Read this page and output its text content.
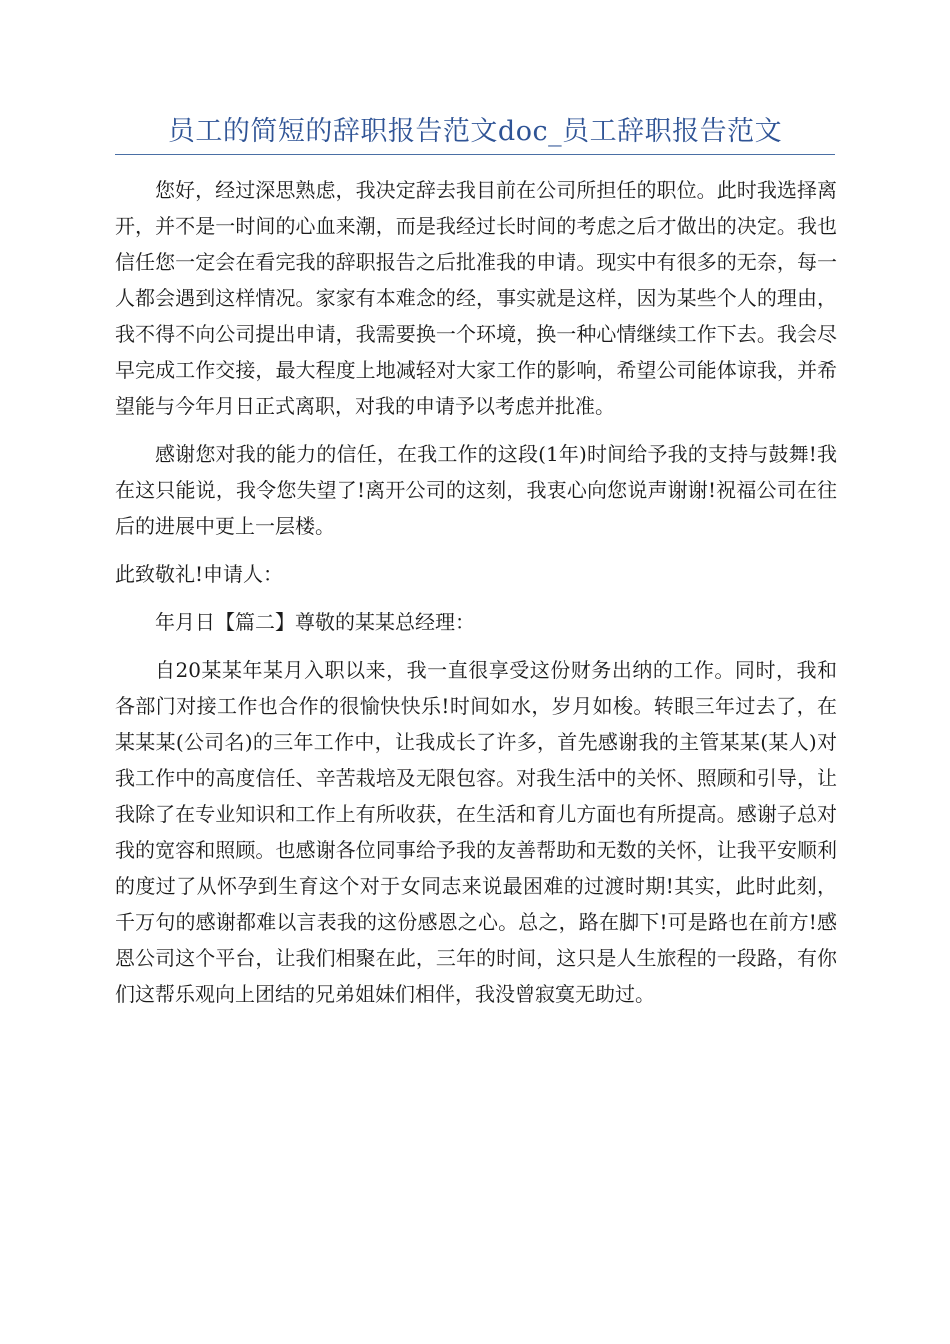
员工的简短的辞职报告范文doc_员工辞职报告范文

您好，经过深思熟虑，我决定辞去我目前在公司所担任的职位。此时我选择离开，并不是一时间的心血来潮，而是我经过长时间的考虑之后才做出的决定。我也信任您一定会在看完我的辞职报告之后批准我的申请。现实中有很多的无奈，每一人都会遇到这样情况。家家有本难念的经，事实就是这样，因为某些个人的理由，我不得不向公司提出申请，我需要换一个环境，换一种心情继续工作下去。我会尽早完成工作交接，最大程度上地减轻对大家工作的影响，希望公司能体谅我，并希望能与今年月日正式离职，对我的申请予以考虑并批准。

感谢您对我的能力的信任，在我工作的这段(1年)时间给予我的支持与鼓舞!我在这只能说，我令您失望了!离开公司的这刻，我衷心向您说声谢谢!祝福公司在往后的进展中更上一层楼。

此致敬礼!申请人：

年月日【篇二】尊敬的某某总经理：

自20某某年某月入职以来，我一直很享受这份财务出纳的工作。同时，我和各部门对接工作也合作的很愉快快乐!时间如水，岁月如梭。转眼三年过去了，在某某某(公司名)的三年工作中，让我成长了许多，首先感谢我的主管某某(某人)对我工作中的高度信任、辛苦栽培及无限包容。对我生活中的关怀、照顾和引导，让我除了在专业知识和工作上有所收获，在生活和育儿方面也有所提高。感谢子总对我的宽容和照顾。也感谢各位同事给予我的友善帮助和无数的关怀，让我平安顺利的度过了从怀孕到生育这个对于女同志来说最困难的过渡时期!其实，此时此刻，千万句的感谢都难以言表我的这份感恩之心。总之，路在脚下!可是路也在前方!感恩公司这个平台，让我们相聚在此，三年的时间，这只是人生旅程的一段路，有你们这帮乐观向上团结的兄弟姐妹们相伴，我没曾寂寞无助过。
